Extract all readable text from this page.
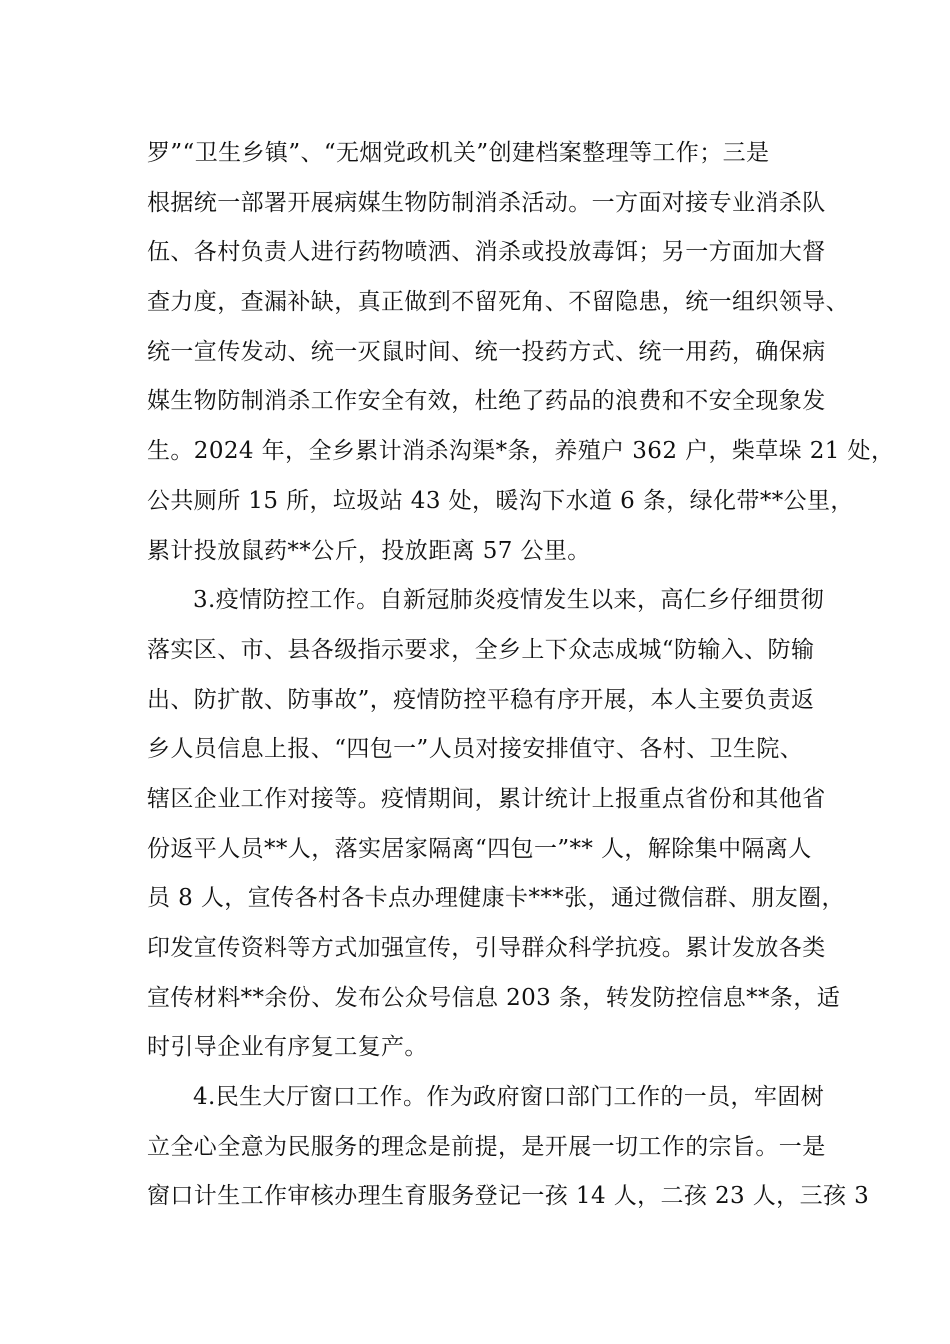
罗”“卫生乡镇”、“无烟党政机关”创建档案整理等工作；三是
根据统一部署开展病媒生物防制消杀活动。一方面对接专业消杀队
伍、各村负责人进行药物喷洒、消杀或投放毒饵；另一方面加大督
查力度，查漏补缺，真正做到不留死角、不留隐患，统一组织领导、
统一宣传发动、统一灭鼠时间、统一投药方式、统一用药，确保病
媒生物防制消杀工作安全有效，杜绝了药品的浪费和不安全现象发
生。2024 年，全乡累计消杀沟渠*条，养殖户 362 户，柴草垛 21 处，
公共厕所 15 所，垃圾站 43 处，暖沟下水道 6 条，绿化带**公里，
累计投放鼠药**公斤，投放距离 57 公里。
3.疫情防控工作。自新冠肺炎疫情发生以来，高仁乡仔细贯彻
落实区、市、县各级指示要求，全乡上下众志成城“防输入、防输
出、防扩散、防事故”，疫情防控平稳有序开展，本人主要负责返
乡人员信息上报、“四包一”人员对接安排值守、各村、卫生院、
辖区企业工作对接等。疫情期间，累计统计上报重点省份和其他省
份返平人员**人，落实居家隔离“四包一”** 人，解除集中隔离人
员 8 人，宣传各村各卡点办理健康卡***张，通过微信群、朋友圈，
印发宣传资料等方式加强宣传，引导群众科学抗疫。累计发放各类
宣传材料**余份、发布公众号信息 203 条，转发防控信息**条，适
时引导企业有序复工复产。
4.民生大厅窗口工作。作为政府窗口部门工作的一员，牢固树
立全心全意为民服务的理念是前提，是开展一切工作的宗旨。一是
窗口计生工作审核办理生育服务登记一孩 14 人，二孩 23 人，三孩 3
